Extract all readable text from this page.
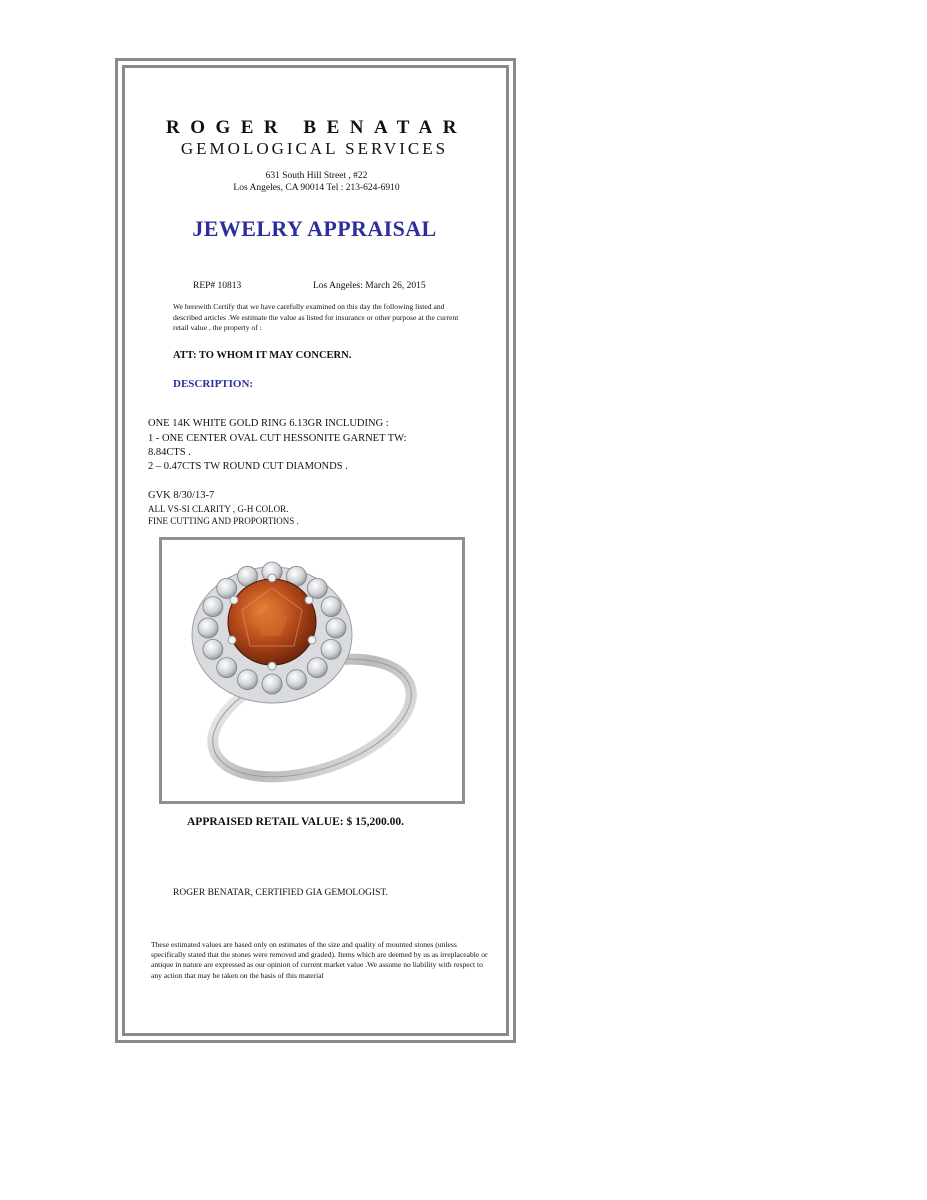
ROGER BENATAR
GEMOLOGICAL SERVICES
631 South Hill Street , #22
Los Angeles, CA 90014 Tel : 213-624-6910
JEWELRY APPRAISAL
REP# 10813	Los Angeles: March 26, 2015
We herewith Certify that we have carefully examined on this day the following listed and described articles .We estimate the value as listed for insurance or other purpose at the current retail value , the property of :
ATT: TO WHOM IT MAY CONCERN.
DESCRIPTION:
ONE 14K WHITE GOLD RING 6.13GR INCLUDING :
1 - ONE CENTER OVAL CUT HESSONITE GARNET TW:
8.84CTS .
2 – 0.47CTS TW ROUND CUT DIAMONDS .
GVK 8/30/13-7
ALL VS-SI CLARITY , G-H COLOR.
FINE CUTTING AND PROPORTIONS .
APPRAISED RETAIL VALUE: $ 15,200.00.
ROGER BENATAR, CERTIFIED GIA GEMOLOGIST.
These estimated values are based only on estimates of the size and quality of mounted stones (unless specifically stated that the stones were removed and graded). Items which are deemed by us as irreplaceable or antique in nature are expressed as our opinion of current market value .We assume no liability with respect to any action that may be taken on the basis of this material
